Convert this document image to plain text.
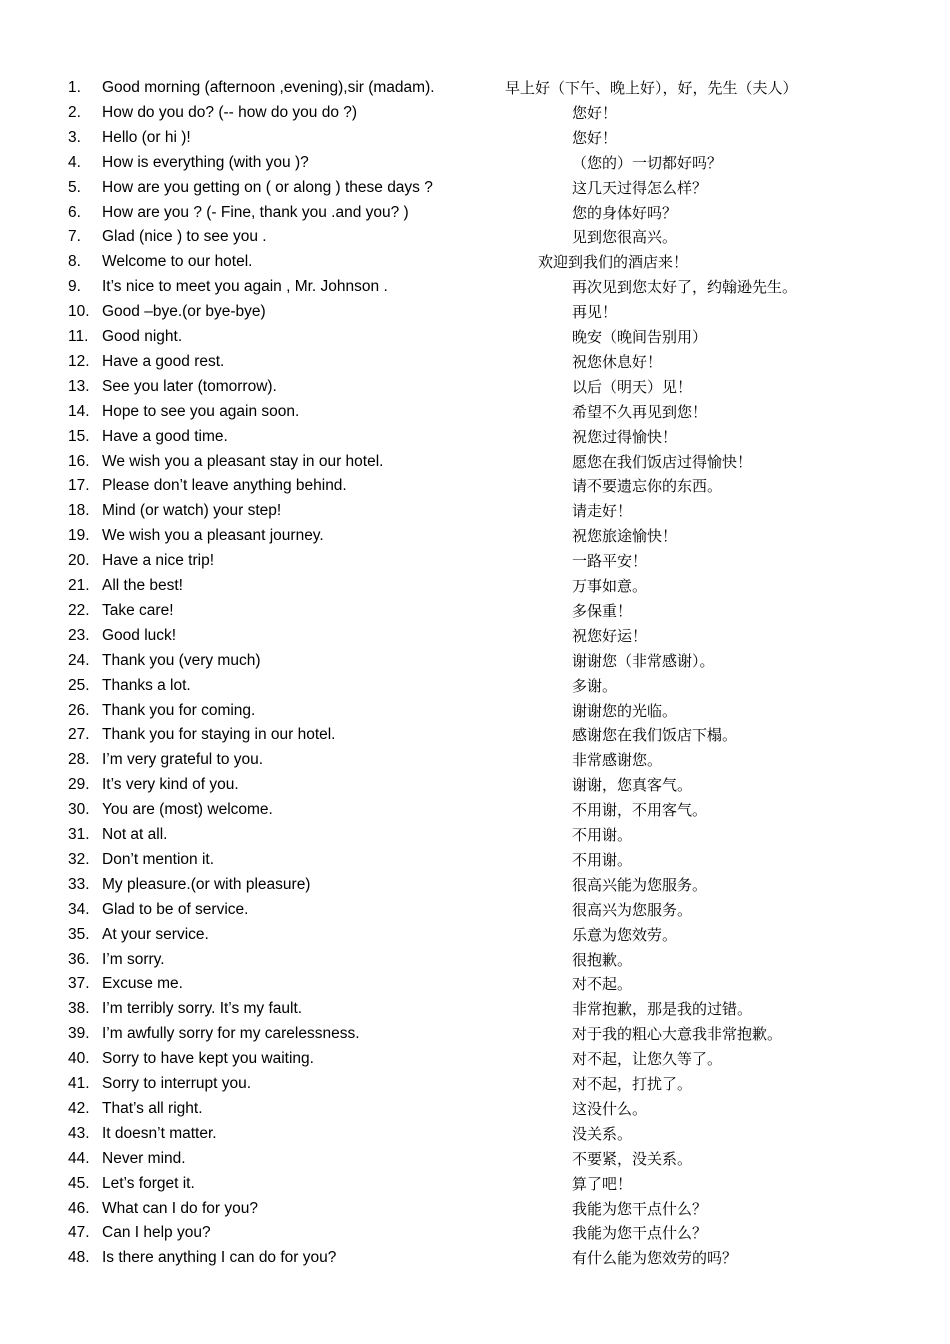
1. Good morning (afternoon ,evening),sir (madam).	早上好（下午、晚上好），好，先生（夫人）
2. How do you do? (-- how do you do ?)	您好！
3. Hello (or hi )!	您好！
4. How is everything (with you )?	（您的）一切都好吗？
5. How are you getting on ( or along ) these days ?	这几天过得怎么样？
6. How are you ? (- Fine, thank you .and you? )	您的身体好吗？
7. Glad (nice ) to see you .	见到您很高兴。
8. Welcome to our hotel.	欢迎到我们的酒店来！
9. It’s nice to meet you again , Mr. Johnson .	再次见到您太好了，约翰逊先生。
10. Good –bye.(or bye-bye)	再见！
11. Good night.	晚安（晚间告别用）
12. Have a good rest.	祝您休息好！
13. See you later (tomorrow).	以后（明天）见！
14. Hope to see you again soon.	希望不久再见到您！
15. Have a good time.	祝您过得愉快！
16. We wish you a pleasant stay in our hotel.	愿您在我们饭店过得愉快！
17. Please don’t leave anything behind.	请不要遗忘你的东西。
18. Mind (or watch) your step!	请走好！
19. We wish you a pleasant journey.	祝您旅途愉快！
20. Have a nice trip!	一路平安！
21. All the best!	万事如意。
22. Take care!	多保重！
23. Good luck!	祝您好运！
24. Thank you (very much)	谢谢您（非常感谢）。
25. Thanks a lot.	多谢。
26. Thank you for coming.	谢谢您的光临。
27. Thank you for staying in our hotel.	感谢您在我们饭店下榻。
28. I’m very grateful to you.	非常感谢您。
29. It’s very kind of you.	谢谢，您真客气。
30. You are (most) welcome.	不用谢，不用客气。
31. Not at all.	不用谢。
32. Don’t mention it.	不用谢。
33. My pleasure.(or with pleasure)	很高兴能为您服务。
34. Glad to be of service.	很高兴为您服务。
35. At your service.	乐意为您效劳。
36. I’m sorry.	很抱歉。
37. Excuse me.	对不起。
38. I’m terribly sorry. It’s my fault.	非常抱歉，那是我的过错。
39. I’m awfully sorry for my carelessness.	对于我的粗心大意我非常抱歉。
40. Sorry to have kept you waiting.	对不起，让您久等了。
41. Sorry to interrupt you.	对不起，打扰了。
42. That’s all right.	这没什么。
43. It doesn’t matter.	没关系。
44. Never mind.	不要紧，没关系。
45. Let’s forget it.	算了吧！
46. What can I do for you?	我能为您干点什么？
47. Can I help you?	我能为您干点什么？
48. Is there anything I can do for you?	有什么能为您效劳的吗？
